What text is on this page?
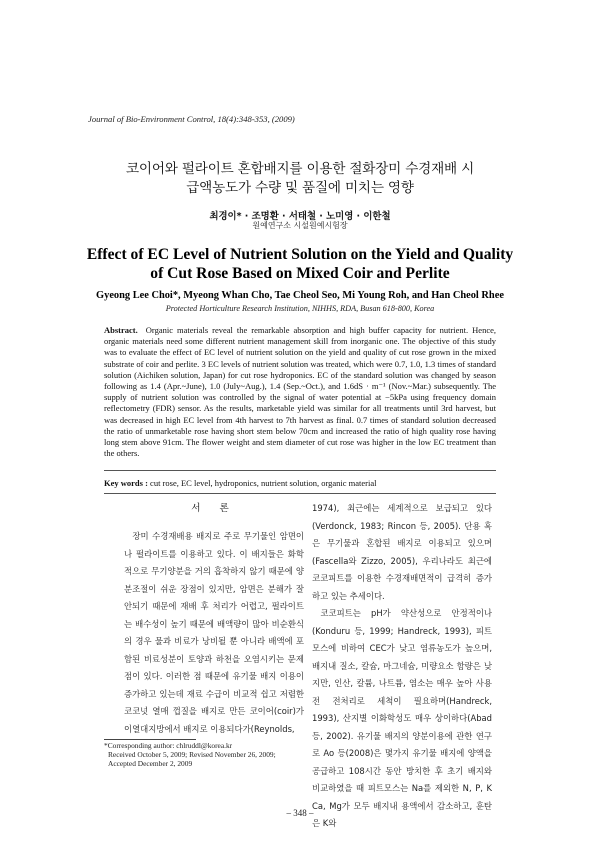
Journal of Bio-Environment Control, 18(4):348-353, (2009)
코이어와 펄라이트 혼합배지를 이용한 절화장미 수경재배 시
급액농도가 수량 및 품질에 미치는 영향
최경이* · 조명환 · 서태철 · 노미영 · 이한철
원예연구소 시설원예시험장
Effect of EC Level of Nutrient Solution on the Yield and Quality
of Cut Rose Based on Mixed Coir and Perlite
Gyeong Lee Choi*, Myeong Whan Cho, Tae Cheol Seo, Mi Young Roh, and Han Cheol Rhee
Protected Horticulture Research Institution, NIHHS, RDA, Busan 618-800, Korea

Abstract. Organic materials reveal the remarkable absorption and high buffer capacity for nutrient. Hence, organic materials need some different nutrient management skill from inorganic one. The objective of this study was to evaluate the effect of EC level of nutrient solution on the yield and quality of cut rose grown in the mixed substrate of coir and perlite. 3 EC levels of nutrient solution was treated, which were 0.7, 1.0, 1.3 times of standard solution (Aichiken solution, Japan) for cut rose hydroponics. EC of the standard solution was changed by season following as 1.4 (Apr.~June), 1.0 (July~Aug.), 1.4 (Sep.~Oct.), and 1.6dS · m⁻¹ (Nov.~Mar.) subsequently. The supply of nutrient solution was controlled by the signal of water potential at −5kPa using frequency domain reflectometry (FDR) sensor. As the results, marketable yield was similar for all treatments until 3rd harvest, but was decreased in high EC level from 4th harvest to 7th harvest as final. 0.7 times of standard solution decreased the ratio of unmarketable rose having short stem below 70cm and increased the ratio of high quality rose having long stem above 91cm. The flower weight and stem diameter of cut rose was higher in the low EC treatment than the others.

Key words : cut rose, EC level, hydroponics, nutrient solution, organic material
서 론

장미 수경재배용 배지로 주로 무기물인 암면이나 펄라이트를 이용하고 있다. 이 배지들은 화학적으로 무기양분을 거의 흡착하지 않기 때문에 양분조절이 쉬운 장점이 있지만, 암면은 분해가 잘 안되기 때문에 재배 후 처리가 어렵고, 펄라이트는 배수성이 높기 때문에 배액량이 많아 비순환식의 경우 물과 비료가 낭비될 뿐 아니라 배액에 포함된 비료성분이 토양과 하천을 오염시키는 문제점이 있다. 이러한 점 때문에 유기물 배지 이용이 증가하고 있는데 재료 수급이 비교적 쉽고 저렴한 코코넛 열매 껍질을 배지로 만든 코이어(coir)가 이열대지방에서 배지로 이용되다가(Reynolds,

1974), 최근에는 세계적으로 보급되고 있다(Verdonck, 1983; Rincon 등, 2005). 단용 혹은 무기물과 혼합된 배지로 이용되고 있으며(Fascella와 Zizzo, 2005), 우리나라도 최근에 코코피트를 이용한 수경재배면적이 급격히 증가하고 있는 추세이다.

코코피트는 pH가 약산성으로 안정적이나(Konduru 등, 1999; Handreck, 1993), 피트모스에 비하여 CEC가 낮고 염류농도가 높으며, 배지내 질소, 칼슘, 마그네슘, 미량요소 함량은 낮지만, 인산, 칼륨, 나트륨, 염소는 매우 높아 사용전 전처리로 세척이 필요하며(Handreck, 1993), 산지별 이화학성도 매우 상이하다(Abad 등, 2002). 유기물 배지의 양분이용에 관한 연구로 Ao 등(2008)은 몇가지 유기물 배지에 양액을 공급하고 108시간 동안 방치한 후 초기 배지와 비교하였을 때 피트모스는 Na를 제외한 N, P, K Ca, Mg가 모두 배지내 용액에서 감소하고, 훈탄은 K와

*Corresponding author: chlruddl@korea.kr
Received October 5, 2009; Revised November 26, 2009;
Accepted December 2, 2009
– 348 –
